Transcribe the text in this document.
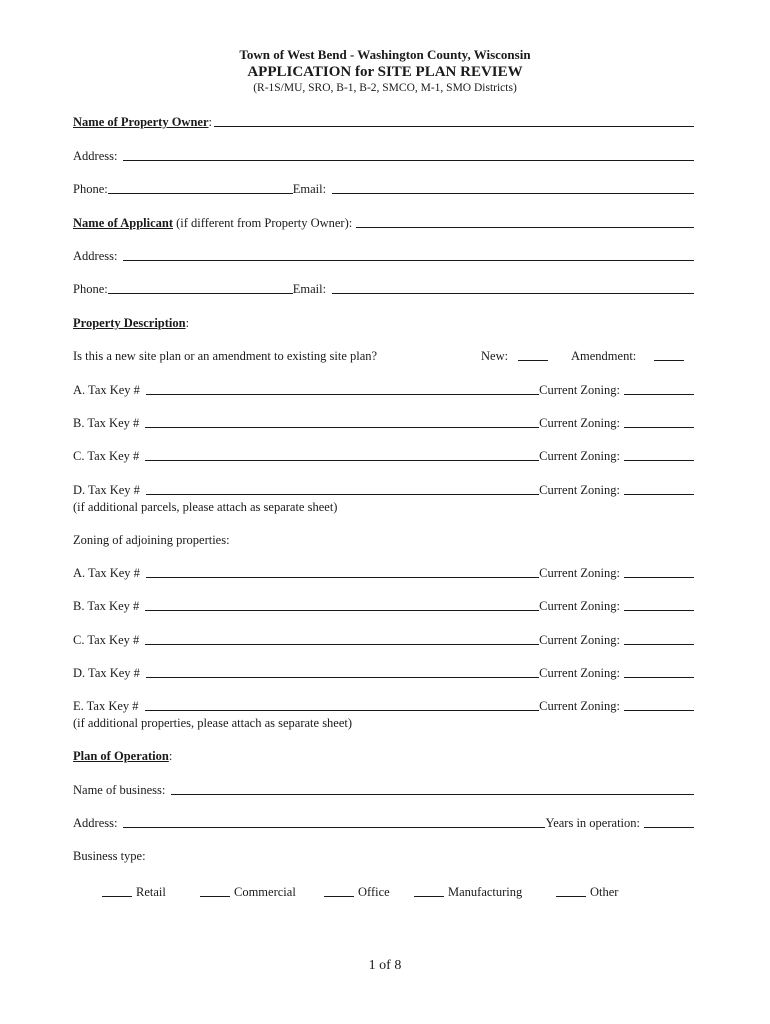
Town of West Bend - Washington County, Wisconsin
APPLICATION for SITE PLAN REVIEW
(R-1S/MU, SRO, B-1, B-2, SMCO, M-1, SMO Districts)
Name of Property Owner :
Address:
Phone:	Email:
Name of Applicant (if different from Property Owner):
Address:
Phone:	Email:
Property Description :
Is this a new site plan or an amendment to existing site plan?	New:	Amendment:
A. Tax Key #	Current Zoning:
B. Tax Key #	Current Zoning:
C. Tax Key #	Current Zoning:
D. Tax Key #	Current Zoning:
(if additional parcels, please attach as separate sheet)
Zoning of adjoining properties:
A. Tax Key #	Current Zoning:
B. Tax Key #	Current Zoning:
C. Tax Key #	Current Zoning:
D. Tax Key #	Current Zoning:
E. Tax Key #	Current Zoning:
(if additional properties, please attach as separate sheet)
Plan of Operation :
Name of business:
Address:	Years in operation:
Business type:
Retail	Commercial	Office	Manufacturing	Other
1 of 8
